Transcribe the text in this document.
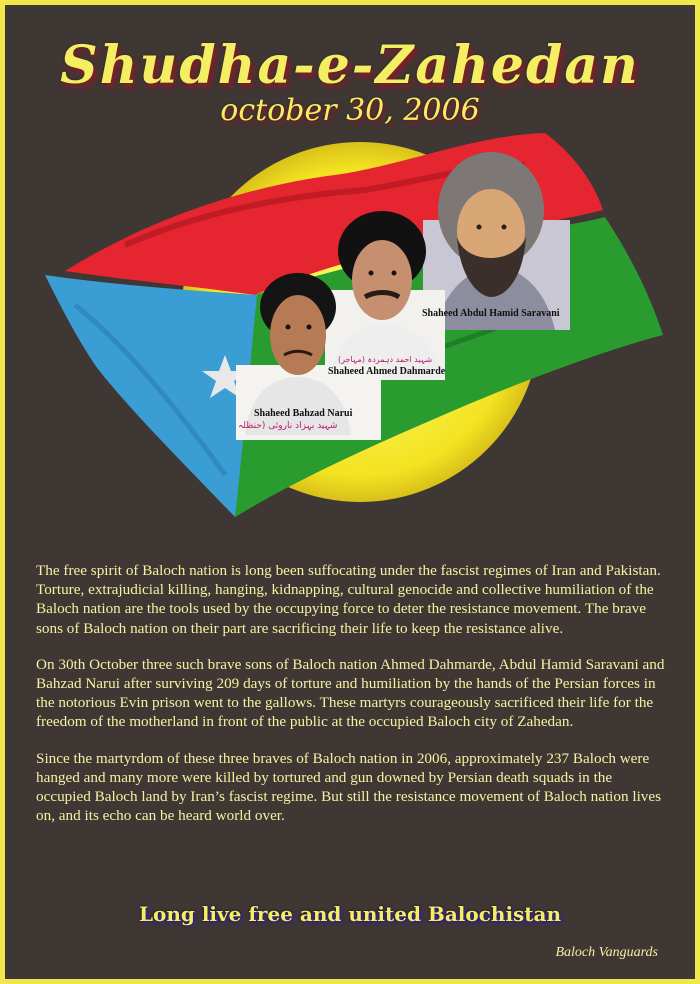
Shudha-e-Zahedan
october 30, 2006
Shaheed Abdul Hamid Saravani
شہید احمد دہمردہ (مہاجر)
Shaheed Ahmed Dahmarde
Shaheed Bahzad Narui
شہید بہزاد ناروئی (حنظلہ

The free spirit of Baloch nation is long been suffocating under the fascist regimes of Iran and Pakistan. Torture, extrajudicial killing, hanging, kidnapping, cultural genocide and collective humiliation of the Baloch nation are the tools used by the occupying force to deter the resistance movement. The brave sons of Baloch nation on their part are sacrificing their life to keep the resistance alive.

On 30th October three such brave sons of Baloch nation Ahmed Dahmarde, Abdul Hamid Saravani and Bahzad Narui after surviving 209 days of torture and humiliation by the hands of the Persian forces in the notorious Evin prison went to the gallows. These martyrs courageously sacrificed their life for the freedom of the motherland in front of the public at the occupied Baloch city of Zahedan.

Since the martyrdom of these three braves of Baloch nation in 2006, approximately 237 Baloch were hanged and many more were killed by tortured and gun downed by Persian death squads in the occupied Baloch land by Iran’s fascist regime. But still the resistance movement of Baloch nation lives on, and its echo can be heard world over.

Long live free and united Balochistan
Baloch Vanguards
